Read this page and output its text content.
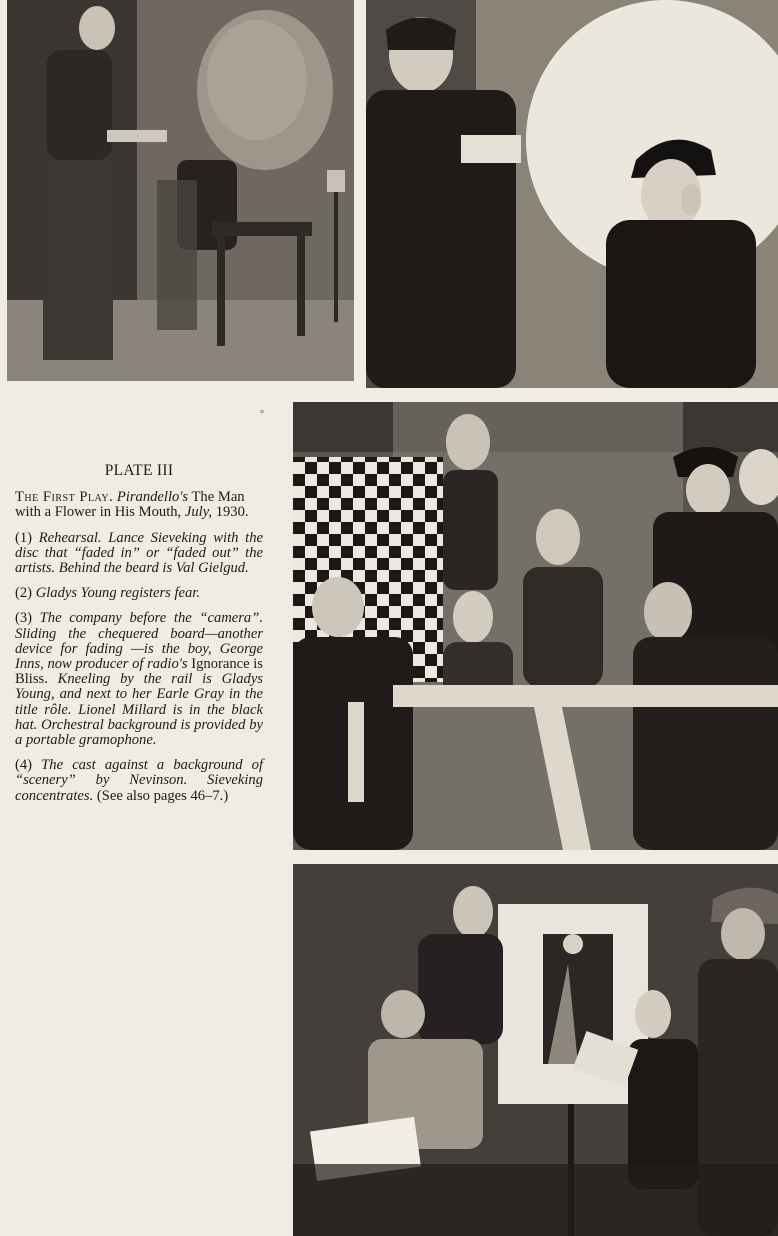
°
PLATE III

The First Play. Pirandello's The Man with a Flower in His Mouth, July, 1930.

(1) Rehearsal. Lance Sieveking with the disc that “faded in” or “faded out” the artists. Behind the beard is Val Gielgud.

(2) Gladys Young registers fear.

(3) The company before the “camera”. Sliding the chequered board—another device for fading —is the boy, George Inns, now producer of radio's Ignorance is Bliss. Kneeling by the rail is Gladys Young, and next to her Earle Gray in the title rôle. Lionel Millard is in the black hat. Orchestral background is provided by a portable gramophone.

(4) The cast against a background of “scenery” by Nevinson. Sieveking concentrates. (See also pages 46–7.)
